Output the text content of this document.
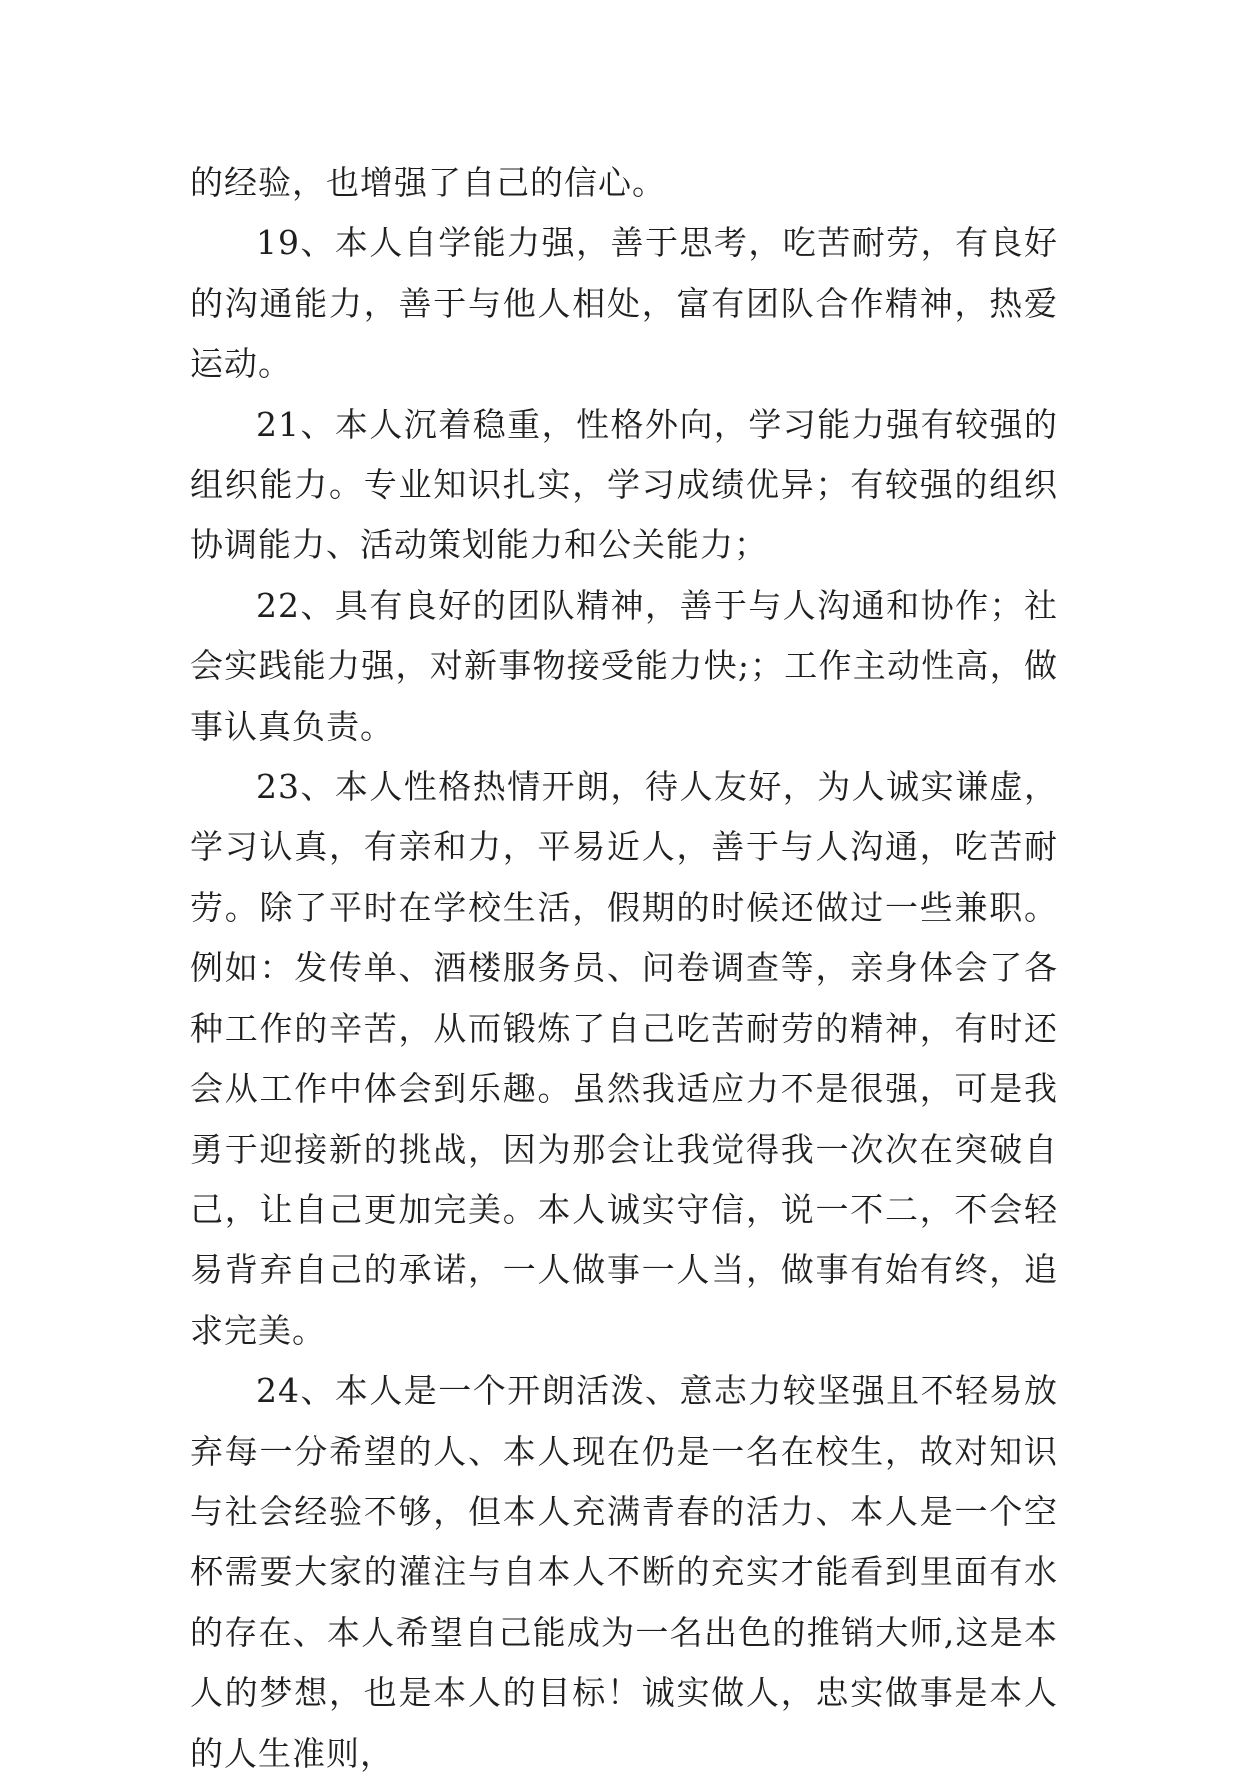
的经验，也增强了自己的信心。

19、本人自学能力强，善于思考，吃苦耐劳，有良好的沟通能力，善于与他人相处，富有团队合作精神，热爱运动。

21、本人沉着稳重，性格外向，学习能力强有较强的组织能力。专业知识扎实，学习成绩优异；有较强的组织协调能力、活动策划能力和公关能力；

22、具有良好的团队精神，善于与人沟通和协作；社会实践能力强，对新事物接受能力快;；工作主动性高，做事认真负责。

23、本人性格热情开朗，待人友好，为人诚实谦虚，学习认真，有亲和力，平易近人，善于与人沟通，吃苦耐劳。除了平时在学校生活，假期的时候还做过一些兼职。例如：发传单、酒楼服务员、问卷调查等，亲身体会了各种工作的辛苦，从而锻炼了自己吃苦耐劳的精神，有时还会从工作中体会到乐趣。虽然我适应力不是很强，可是我勇于迎接新的挑战，因为那会让我觉得我一次次在突破自己，让自己更加完美。本人诚实守信，说一不二，不会轻易背弃自己的承诺，一人做事一人当，做事有始有终，追求完美。

24、本人是一个开朗活泼、意志力较坚强且不轻易放弃每一分希望的人、本人现在仍是一名在校生，故对知识与社会经验不够，但本人充满青春的活力、本人是一个空杯需要大家的灌注与自本人不断的充实才能看到里面有水的存在、本人希望自己能成为一名出色的推销大师,这是本人的梦想，也是本人的目标！诚实做人，忠实做事是本人的人生准则，
